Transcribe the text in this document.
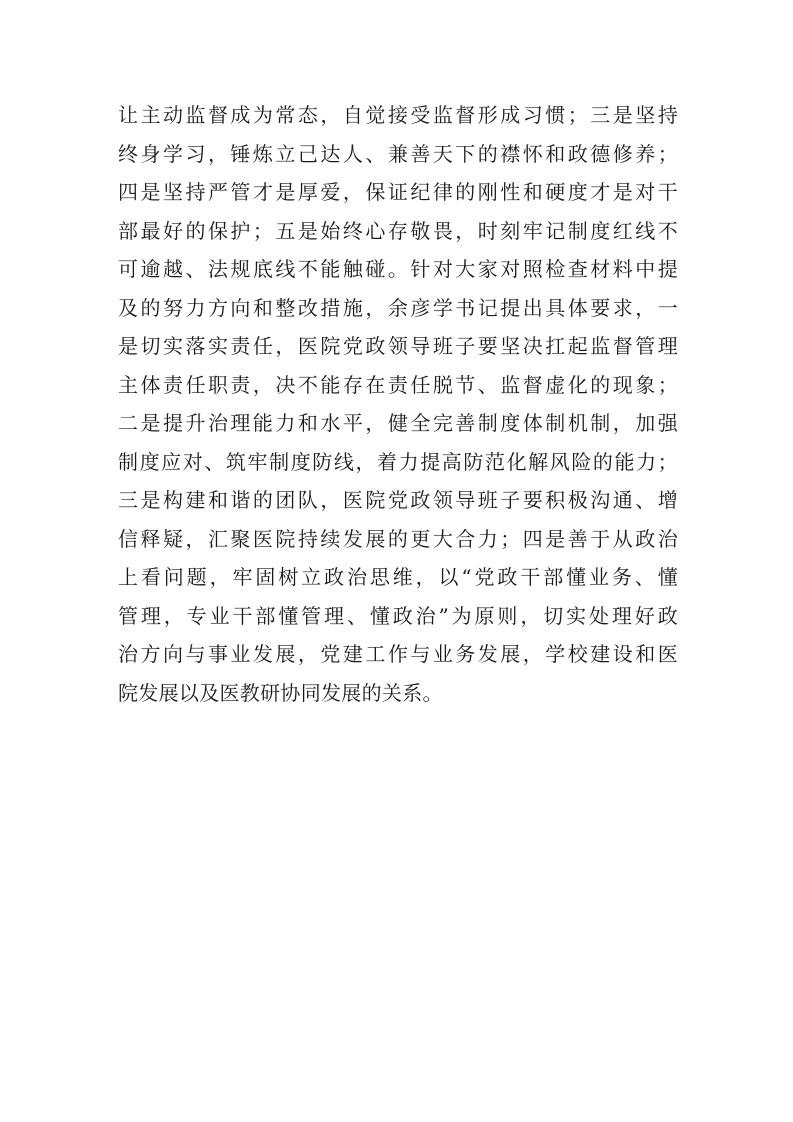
让主动监督成为常态，自觉接受监督形成习惯；三是坚持
终身学习，锤炼立己达人、兼善天下的襟怀和政德修养；
四是坚持严管才是厚爱，保证纪律的刚性和硬度才是对干
部最好的保护；五是始终心存敬畏，时刻牢记制度红线不
可逾越、法规底线不能触碰。针对大家对照检查材料中提
及的努力方向和整改措施，余彦学书记提出具体要求，一
是切实落实责任，医院党政领导班子要坚决扛起监督管理
主体责任职责，决不能存在责任脱节、监督虚化的现象；
二是提升治理能力和水平，健全完善制度体制机制，加强
制度应对、筑牢制度防线，着力提高防范化解风险的能力；
三是构建和谐的团队，医院党政领导班子要积极沟通、增
信释疑，汇聚医院持续发展的更大合力；四是善于从政治
上看问题，牢固树立政治思维，以“党政干部懂业务、懂
管理，专业干部懂管理、懂政治”为原则，切实处理好政
治方向与事业发展，党建工作与业务发展，学校建设和医
院发展以及医教研协同发展的关系。
